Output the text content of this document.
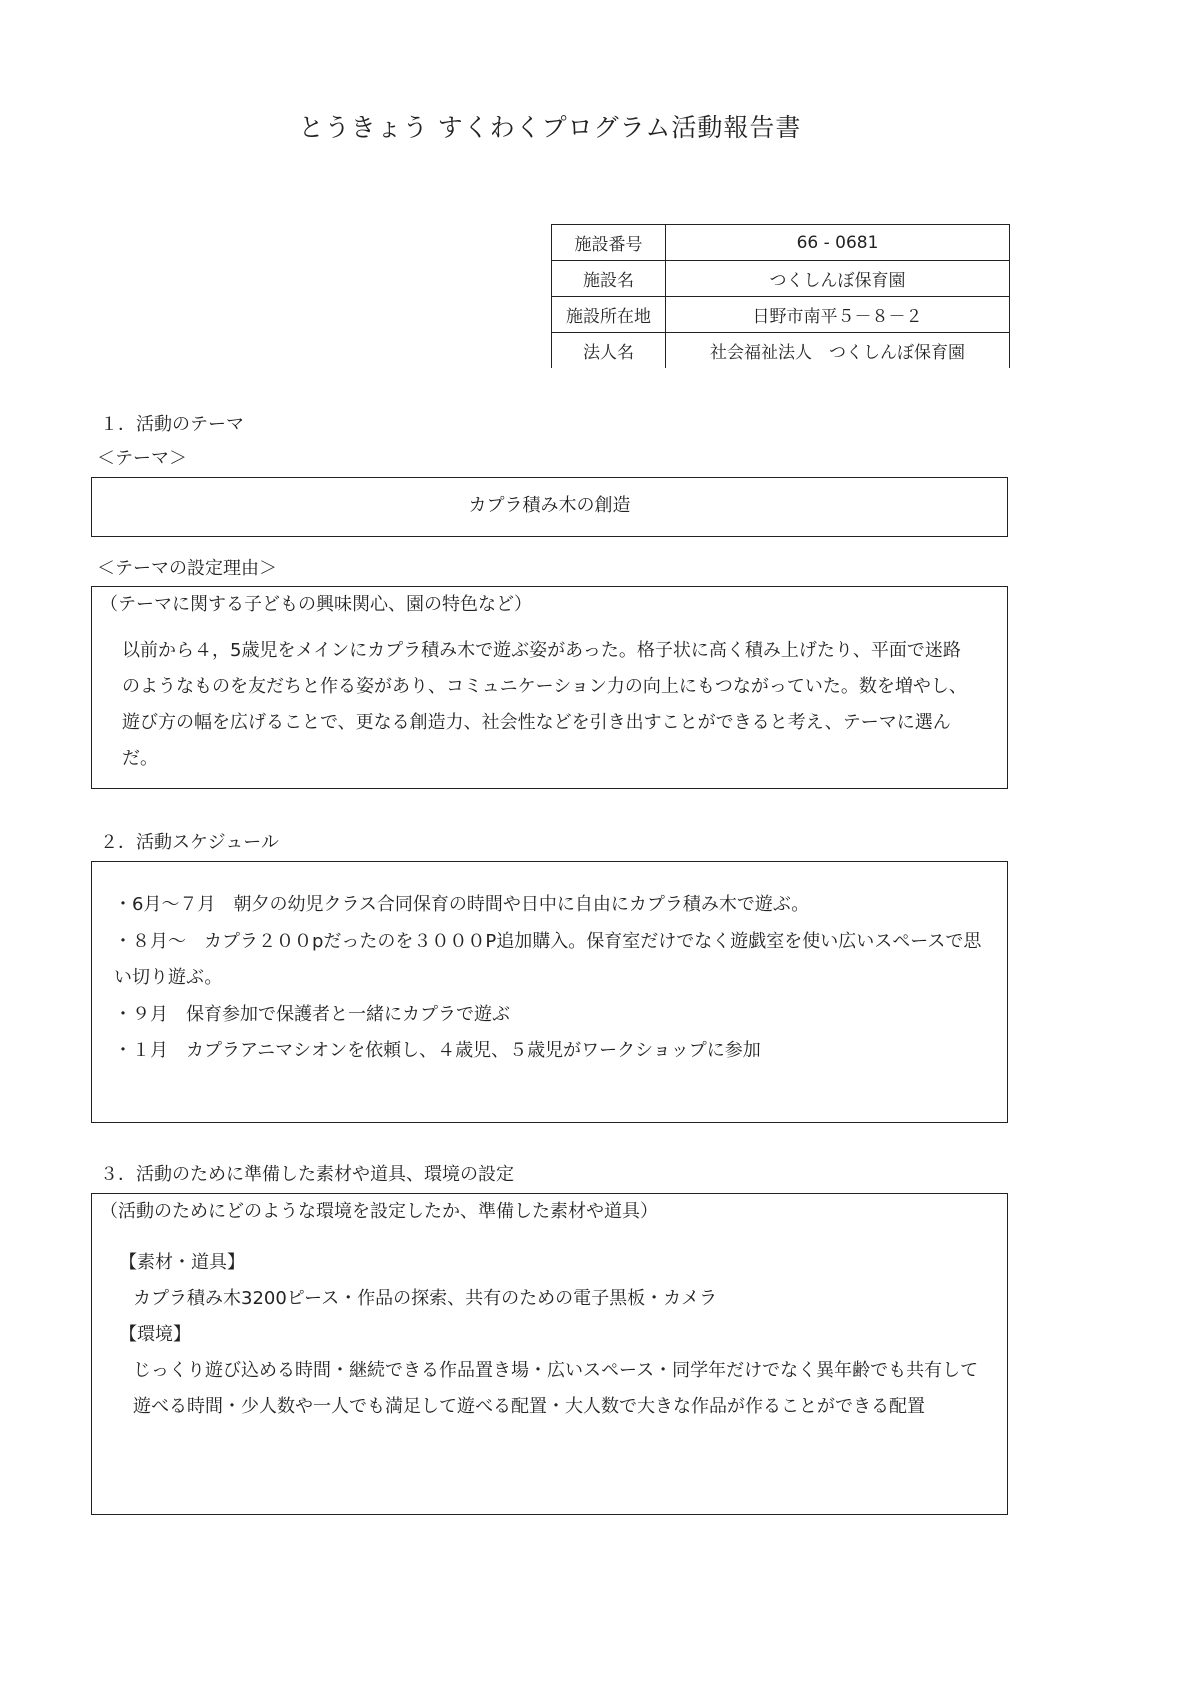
とうきょう すくわくプログラム活動報告書
施設番号	66 - 0681
施設名	つくしんぼ保育園
施設所在地	日野市南平５－８－２
法人名	社会福祉法人　つくしんぼ保育園
１．活動のテーマ
＜テーマ＞
カプラ積み木の創造
＜テーマの設定理由＞
（テーマに関する子どもの興味関心、園の特色など）

以前から４，5歳児をメインにカプラ積み木で遊ぶ姿があった。格子状に高く積み上げたり、平面で迷路のようなものを友だちと作る姿があり、コミュニケーション力の向上にもつながっていた。数を増やし、遊び方の幅を広げることで、更なる創造力、社会性などを引き出すことができると考え、テーマに選んだ。

２．活動スケジュール
・6月～７月　朝夕の幼児クラス合同保育の時間や日中に自由にカプラ積み木で遊ぶ。
・８月～　カプラ２００pだったのを３０００P追加購入。保育室だけでなく遊戯室を使い広いスペースで思い切り遊ぶ。
・９月　保育参加で保護者と一緒にカプラで遊ぶ
・１月　カプラアニマシオンを依頼し、４歳児、５歳児がワークショップに参加
３．活動のために準備した素材や道具、環境の設定
（活動のためにどのような環境を設定したか、準備した素材や道具）

【素材・道具】

カプラ積み木3200ピース・作品の探索、共有のための電子黒板・カメラ

【環境】

じっくり遊び込める時間・継続できる作品置き場・広いスペース・同学年だけでなく異年齢でも共有して遊べる時間・少人数や一人でも満足して遊べる配置・大人数で大きな作品が作ることができる配置
